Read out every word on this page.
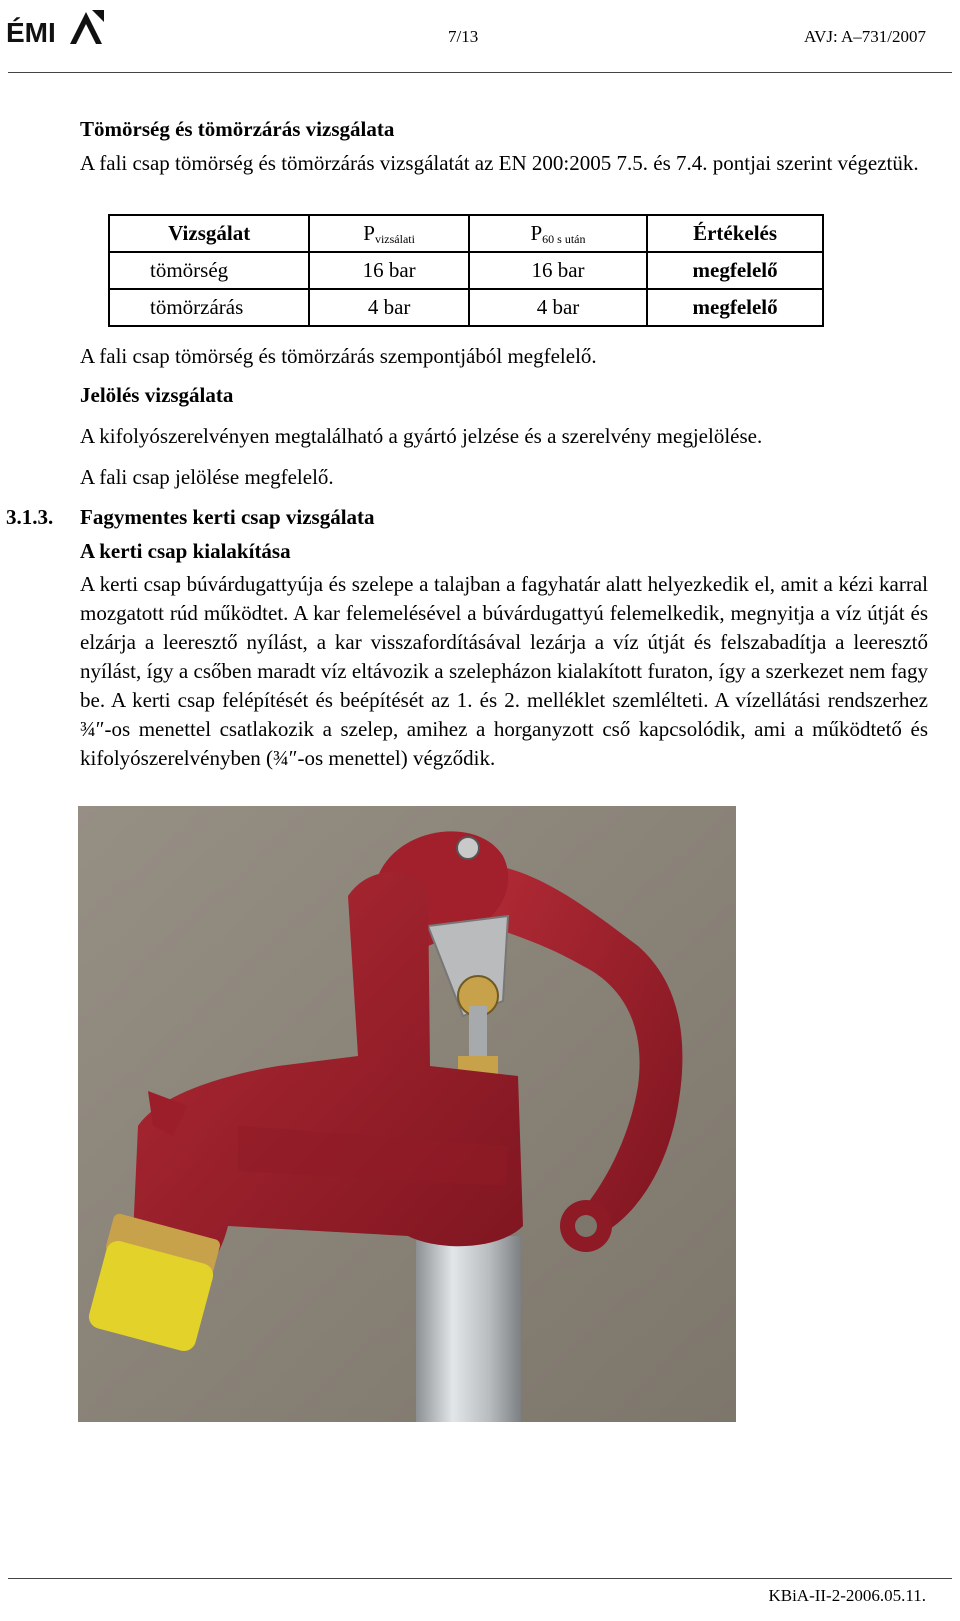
ÉMI	7/13	AVJ: A–731/2007
Tömörség és tömörzárás vizsgálata
A fali csap tömörség és tömörzárás vizsgálatát az EN 200:2005 7.5. és 7.4. pontjai szerint végeztük.
Vizsgálat	$P_{vizsálati}$	$P_{60 s után}$	Értékelés
tömörség	16 bar	16 bar	megfelelő
tömörzárás	4 bar	4 bar	megfelelő
A fali csap tömörség és tömörzárás szempontjából megfelelő.
Jelölés vizsgálata
A kifolyószerelvényen megtalálható a gyártó jelzése és a szerelvény megjelölése.
A fali csap jelölése megfelelő.
3.1.3. Fagymentes kerti csap vizsgálata
A kerti csap kialakítása
A kerti csap búvárdugattyúja és szelepe a talajban a fagyhatár alatt helyezkedik el, amit a kézi karral mozgatott rúd működtet. A kar felemelésével a búvárdugattyú felemelkedik, megnyitja a víz útját és elzárja a leeresztő nyílást, a kar visszafordításával lezárja a víz útját és felszabadítja a leeresztő nyílást, így a csőben maradt víz eltávozik a szelepházon kialakított furaton, így a szerkezet nem fagy be. A kerti csap felépítését és beépítését az 1. és 2. melléklet szemlélteti. A vízellátási rendszerhez ¾″-os menettel csatlakozik a szelep, amihez a horganyzott cső kapcsolódik, ami a működtető és kifolyószerelvényben (¾″-os menettel) végződik.
KBiA-II-2-2006.05.11.
